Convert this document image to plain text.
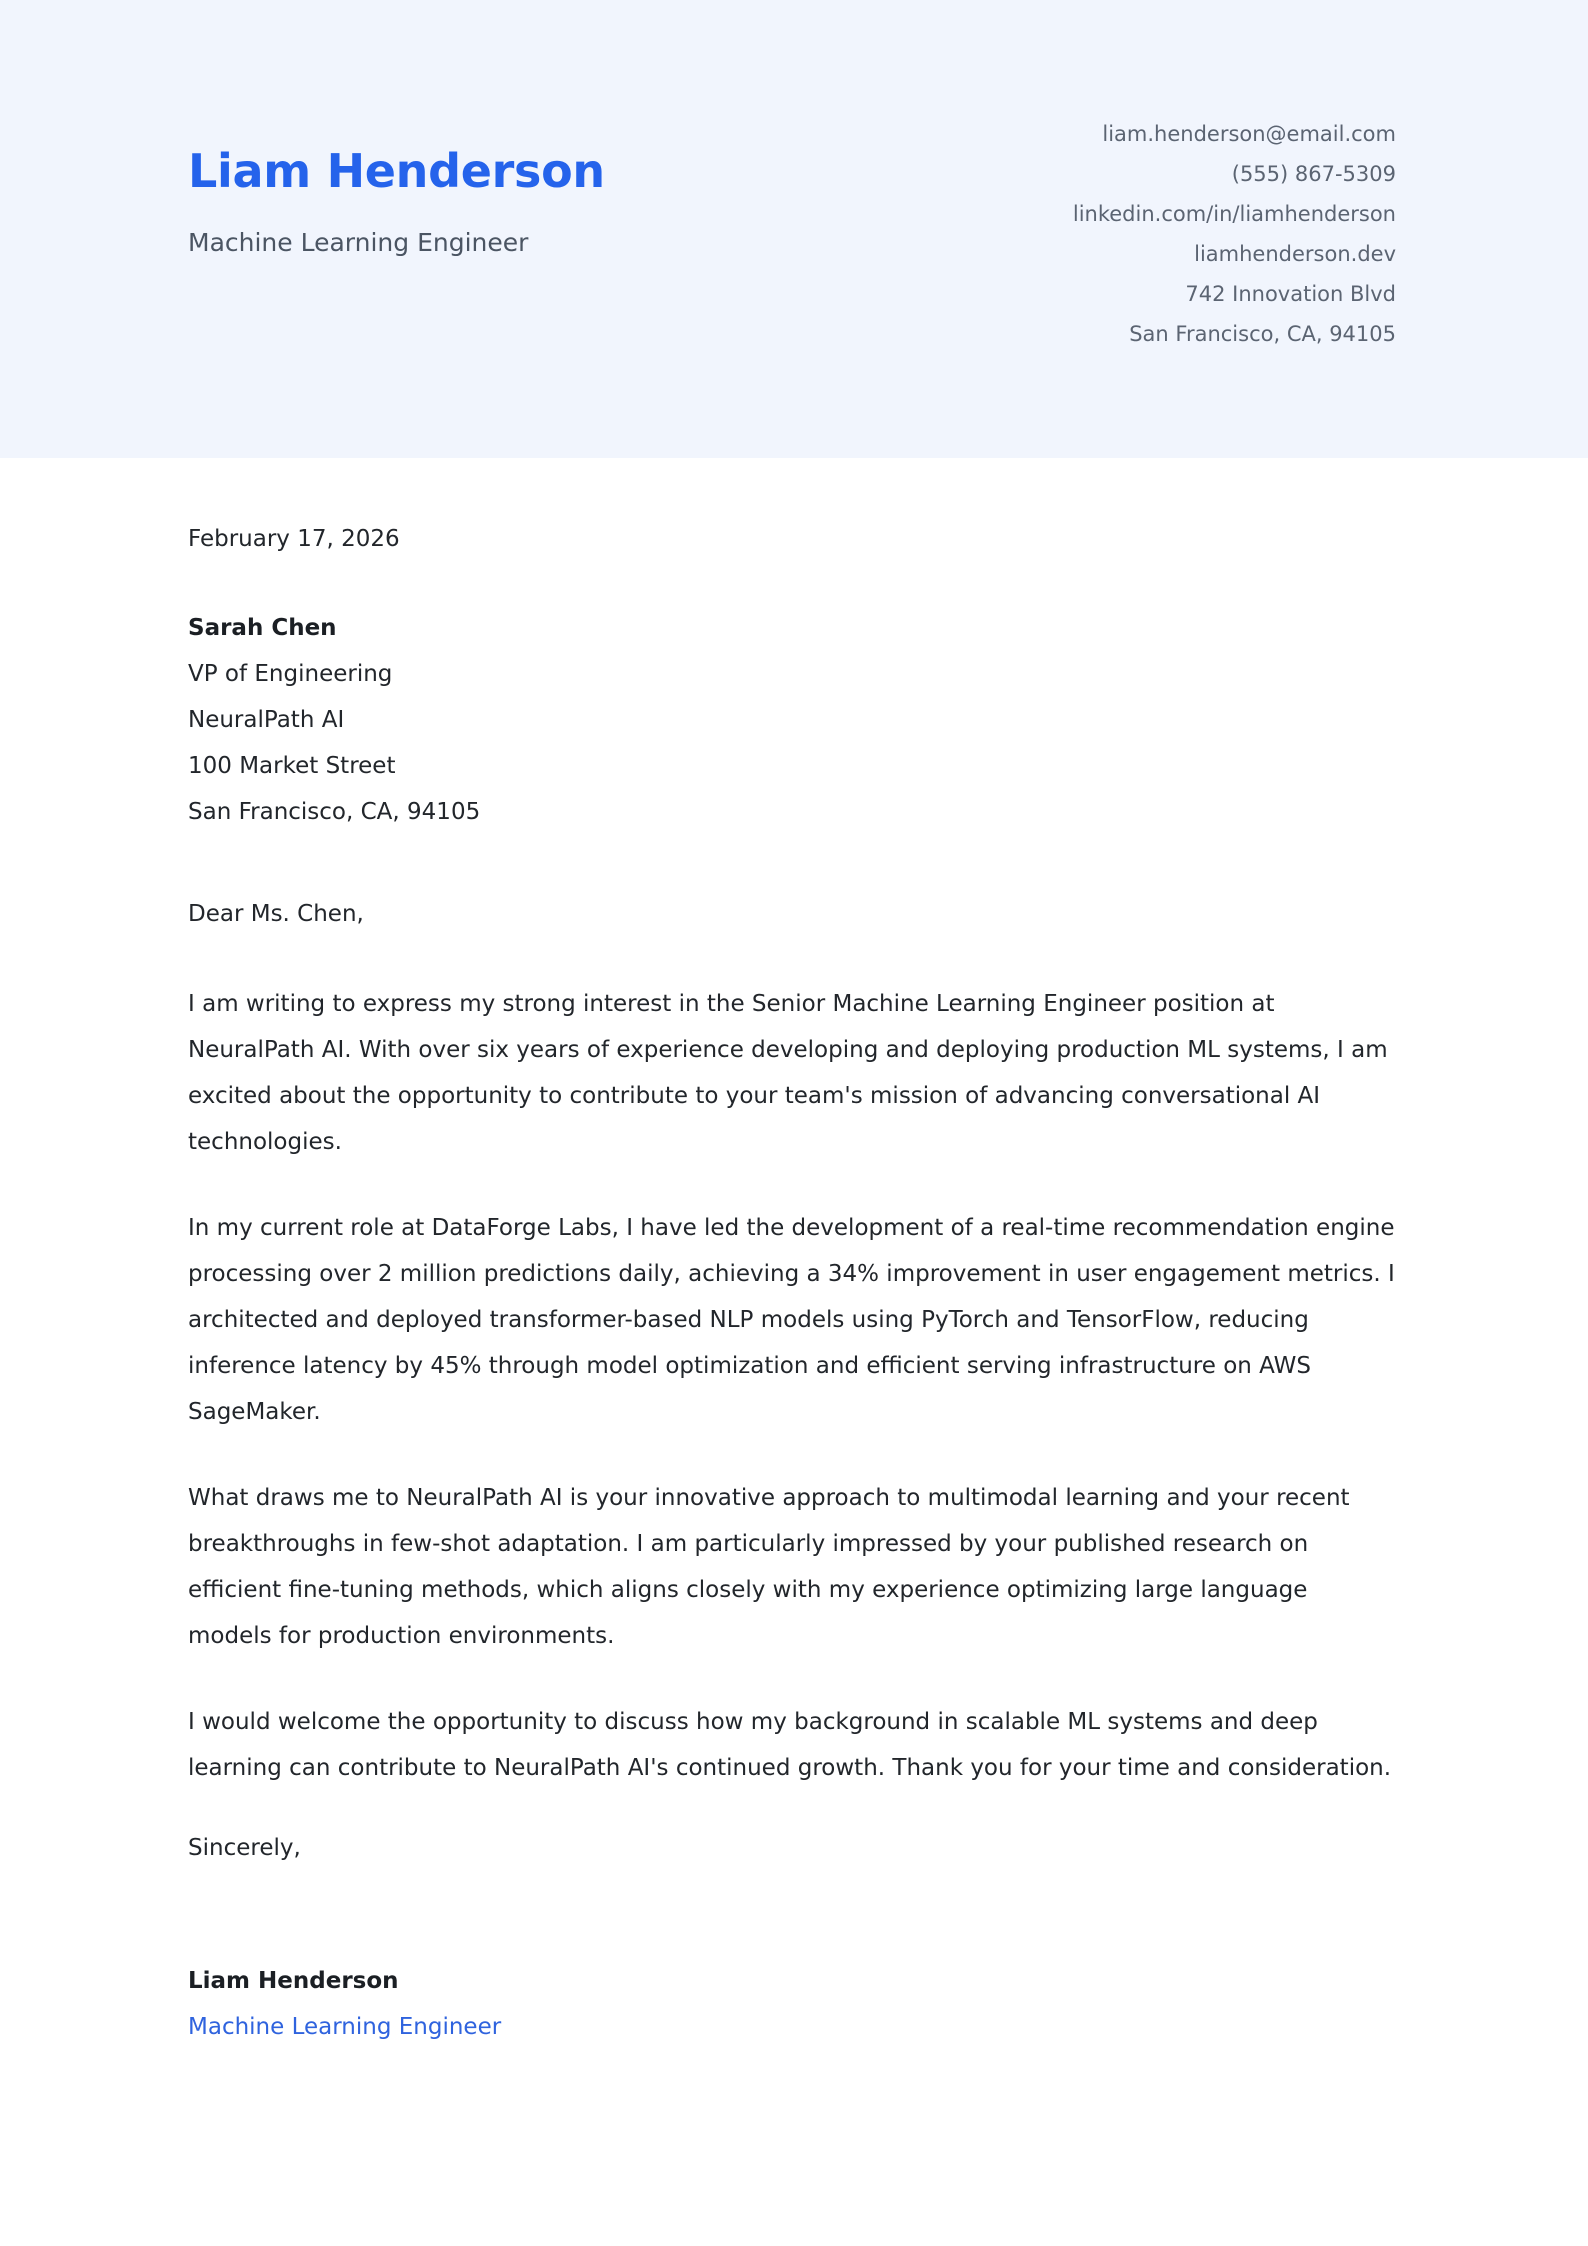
Liam Henderson
Machine Learning Engineer
liam.henderson@email.com
(555) 867-5309
linkedin.com/in/liamhenderson
liamhenderson.dev
742 Innovation Blvd
San Francisco, CA, 94105
February 17, 2026
Sarah Chen
VP of Engineering
NeuralPath AI
100 Market Street
San Francisco, CA, 94105
Dear Ms. Chen,

I am writing to express my strong interest in the Senior Machine Learning Engineer position at NeuralPath AI. With over six years of experience developing and deploying production ML systems, I am excited about the opportunity to contribute to your team's mission of advancing conversational AI technologies.

In my current role at DataForge Labs, I have led the development of a real-time recommendation engine processing over 2 million predictions daily, achieving a 34% improvement in user engagement metrics. I architected and deployed transformer-based NLP models using PyTorch and TensorFlow, reducing inference latency by 45% through model optimization and efficient serving infrastructure on AWS SageMaker.

What draws me to NeuralPath AI is your innovative approach to multimodal learning and your recent breakthroughs in few-shot adaptation. I am particularly impressed by your published research on efficient fine-tuning methods, which aligns closely with my experience optimizing large language models for production environments.

I would welcome the opportunity to discuss how my background in scalable ML systems and deep learning can contribute to NeuralPath AI's continued growth. Thank you for your time and consideration.

Sincerely,
Liam Henderson
Machine Learning Engineer
